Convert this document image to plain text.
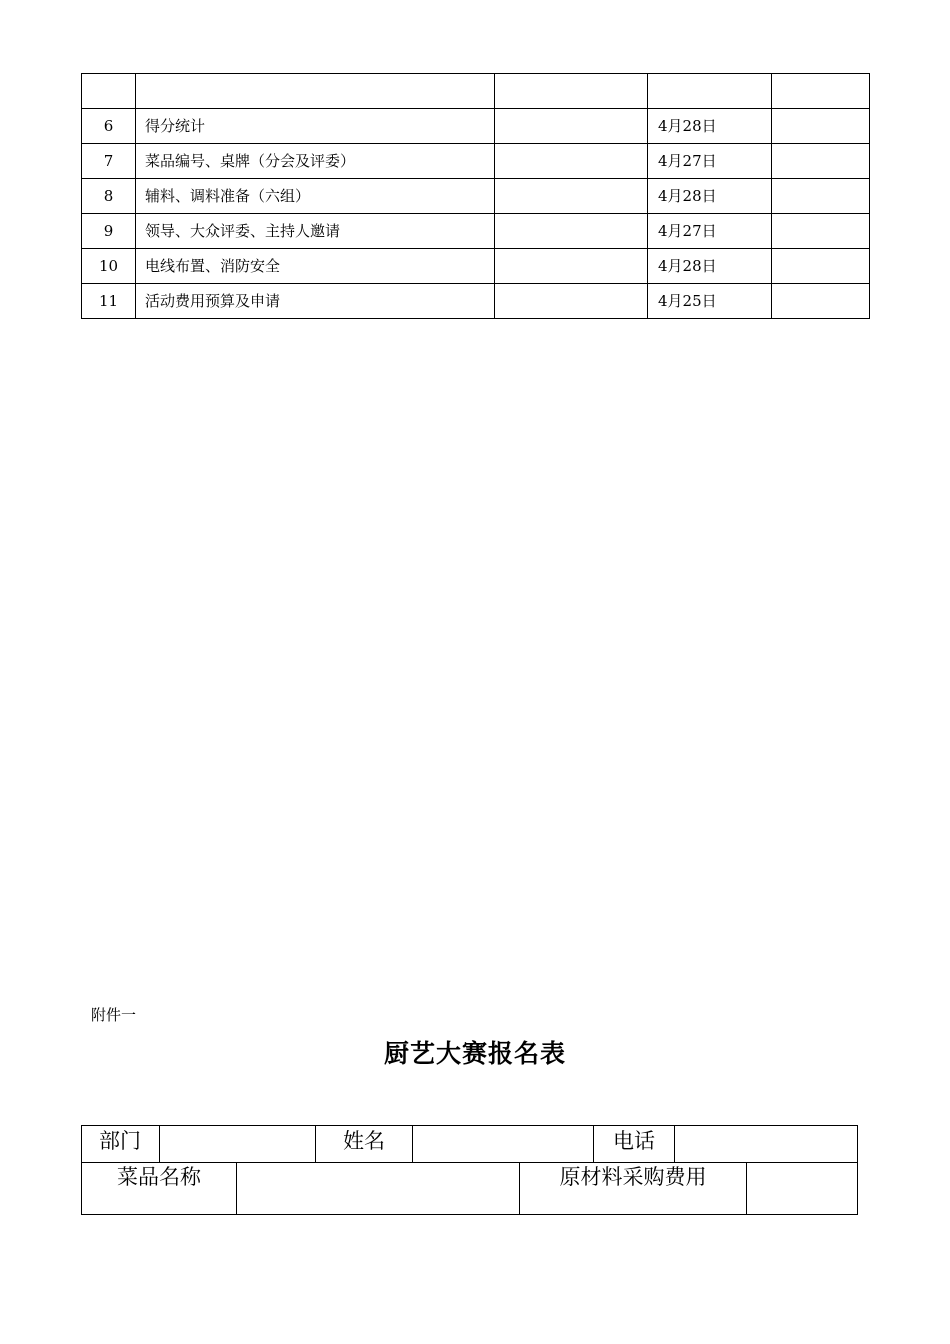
6	得分统计		4月28日	
7	菜品编号、桌牌（分会及评委）		4月27日	
8	辅料、调料准备（六组）		4月28日	
9	领导、大众评委、主持人邀请		4月27日	
10	电线布置、消防安全		4月28日	
11	活动费用预算及申请		4月25日	
附件一
厨艺大赛报名表
部门		姓名		电话	
菜品名称		原材料采购费用	
